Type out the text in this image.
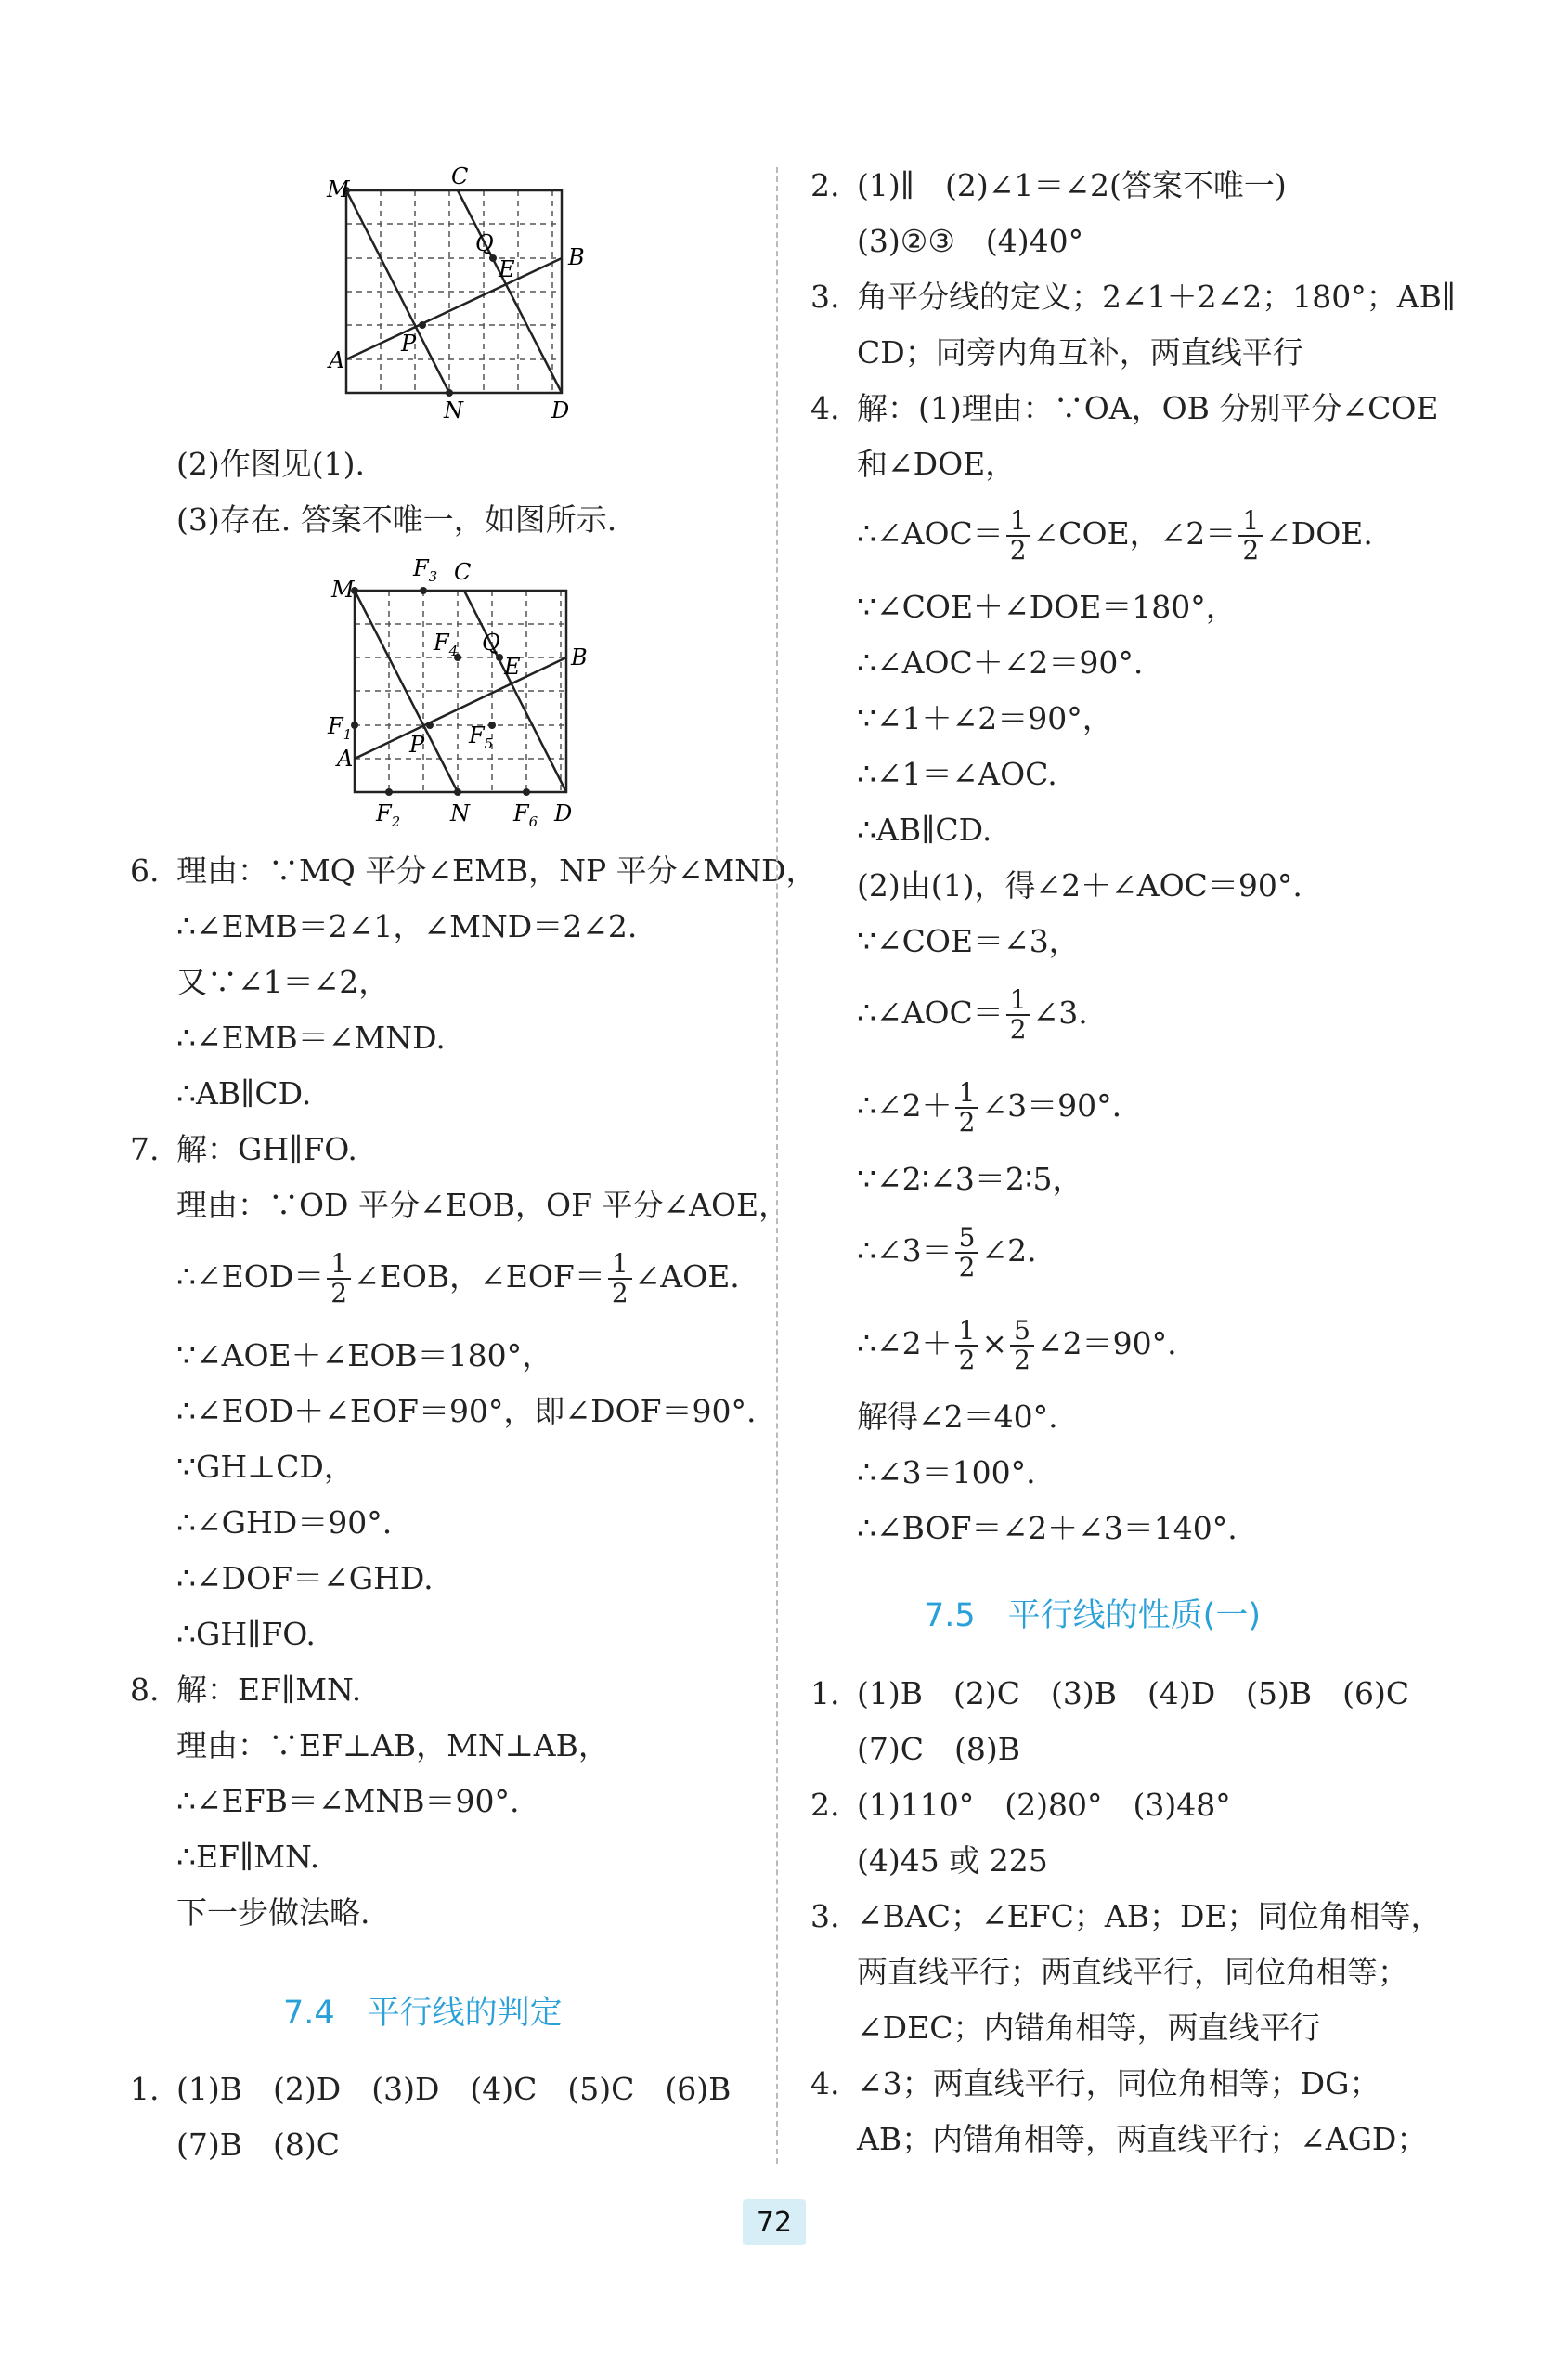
M	C
Q
B
E
P
A
N	D
(2)作图见(1).
(3)存在. 答案不唯一，如图所示.
M
$F_3$ C
$F_4$ Q
B
E
$F_1$	P $F_5$
A
$F_2$ N $F_6$ D
6. 理由：∵MQ 平分∠EMB，NP 平分∠MND，
∴∠EMB＝2∠1，∠MND＝2∠2.
又∵∠1＝∠2，
∴∠EMB＝∠MND.
∴AB∥CD.
7. 解：GH∥FO.
理由：∵OD 平分∠EOB，OF 平分∠AOE，
∴∠EOD＝ $\frac{1}{2}$ ∠EOB，∠EOF＝ $\frac{1}{2}$ ∠AOE.
∵∠AOE＋∠EOB＝180°，
∴∠EOD＋∠EOF＝90°，即∠DOF＝90°.
∵GH⊥CD，
∴∠GHD＝90°.
∴∠DOF＝∠GHD.
∴GH∥FO.
8. 解：EF∥MN.
理由：∵EF⊥AB，MN⊥AB，
∴∠EFB＝∠MNB＝90°.
∴EF∥MN.
下一步做法略.
7.4　平行线的判定
1. (1)B　(2)D　(3)D　(4)C　(5)C　(6)B
(7)B　(8)C
2. (1)∥　(2)∠1＝∠2(答案不唯一)
(3)②③　(4)40°
3. 角平分线的定义；2∠1＋2∠2；180°；AB∥
CD；同旁内角互补，两直线平行
4. 解：(1)理由：∵OA，OB 分别平分∠COE
和∠DOE，
∴∠AOC＝ $\frac{1}{2}$ ∠COE，∠2＝ $\frac{1}{2}$ ∠DOE.
∵∠COE＋∠DOE＝180°，
∴∠AOC＋∠2＝90°.
∵∠1＋∠2＝90°，
∴∠1＝∠AOC.
∴AB∥CD.
(2)由(1)，得∠2＋∠AOC＝90°.
∵∠COE＝∠3，
∴∠AOC＝ $\frac{1}{2}$ ∠3.
∴∠2＋ $\frac{1}{2}$ ∠3＝90°.
∵∠2∶∠3＝2∶5，
∴∠3＝ $\frac{5}{2}$ ∠2.
∴∠2＋ $\frac{1}{2} \times \frac{5}{2}$ ∠2＝90°.
解得∠2＝40°.
∴∠3＝100°.
∴∠BOF＝∠2＋∠3＝140°.
7.5　平行线的性质(一)
1. (1)B　(2)C　(3)B　(4)D　(5)B　(6)C
(7)C　(8)B
2. (1)110°　(2)80°　(3)48°
(4)45 或 225
3. ∠BAC；∠EFC；AB；DE；同位角相等，
两直线平行；两直线平行，同位角相等；
∠DEC；内错角相等，两直线平行
4. ∠3；两直线平行，同位角相等；DG；
AB；内错角相等，两直线平行；∠AGD；
72
